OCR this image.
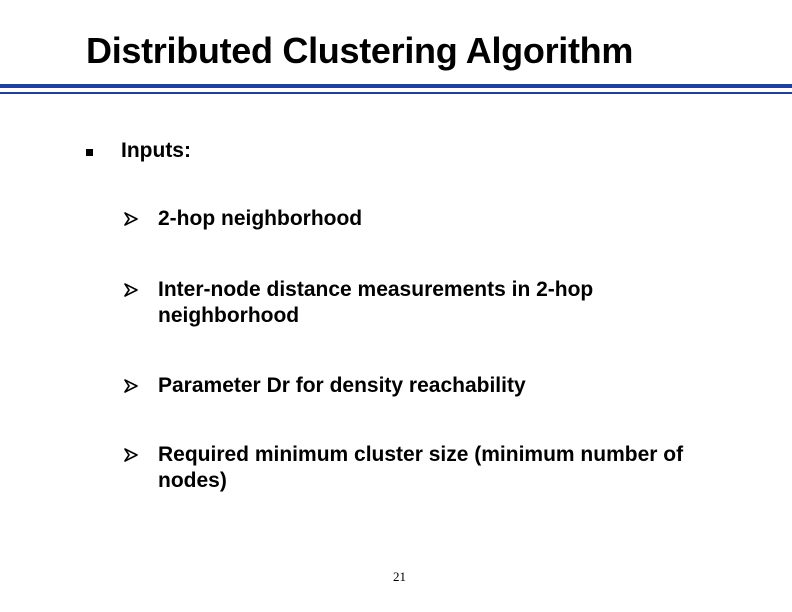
Distributed Clustering Algorithm
Inputs:
2-hop neighborhood
Inter-node distance measurements in 2-hop neighborhood
Parameter Dr for density reachability
Required minimum cluster size (minimum number of nodes)
21
